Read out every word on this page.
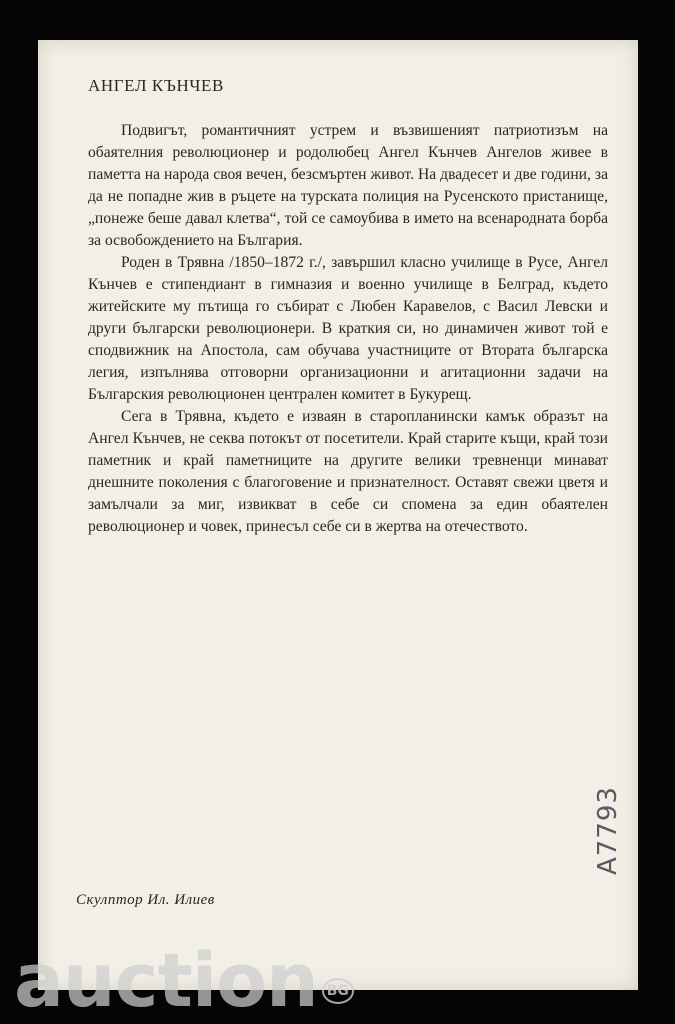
АНГЕЛ КЪНЧЕВ

Подвигът, романтичният устрем и възвишеният патриотизъм на обаятелния революционер и родолюбец Ангел Кънчев Ангелов живее в паметта на народа своя вечен, безсмъртен живот. На двадесет и две години, за да не попадне жив в ръцете на турската полиция на Русенското пристанище, „понеже беше давал клетва“, той се самоубива в името на всенародната борба за освобождението на България.

Роден в Трявна /1850–1872 г./, завършил класно училище в Русе, Ангел Кънчев е стипендиант в гимназия и военно училище в Белград, където житейските му пътища го събират с Любен Каравелов, с Васил Левски и други български революционери. В краткия си, но динамичен живот той е сподвижник на Апостола, сам обучава участниците от Втората българска легия, изпълнява отговорни организационни и агитационни задачи на Българския революционен централен комитет в Букурещ.

Сега в Трявна, където е изваян в старопланински камък образът на Ангел Кънчев, не секва потокът от посетители. Край старите къщи, край този паметник и край паметниците на другите велики тревненци минават днешните поколения с благоговение и признателност. Оставят свежи цветя и замълчали за миг, извикват в себе си спомена за един обаятелен революционер и човек, принесъл себе си в жертва на отечеството.

Скулптор Ил. Илиев
A7793
auction BG
